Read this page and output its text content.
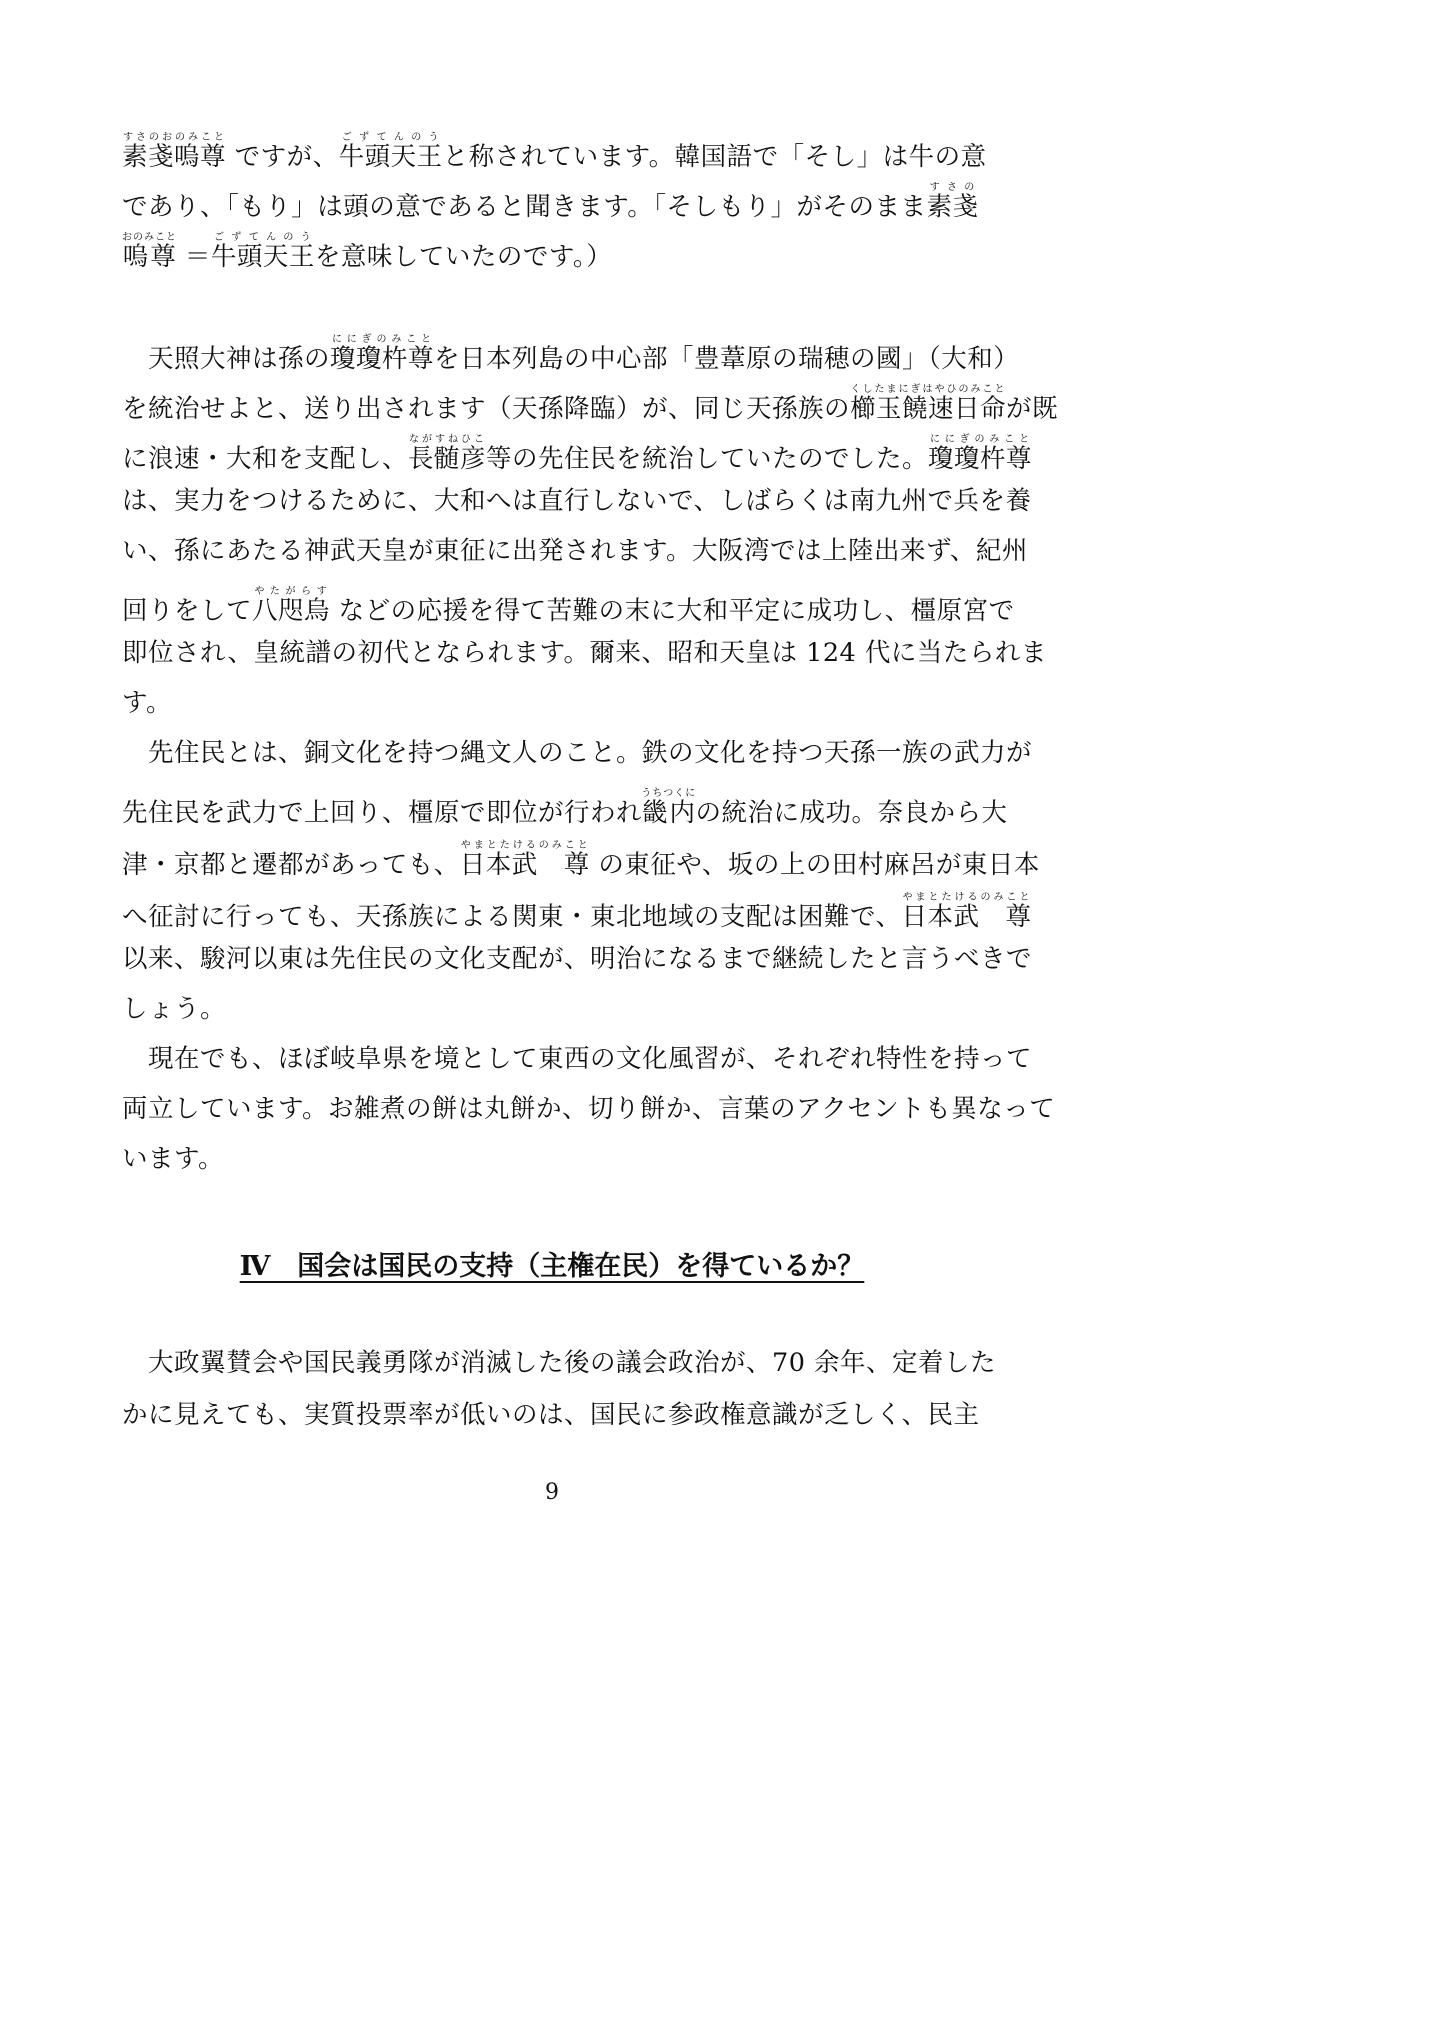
素戔嗚尊すさのおのみこと ですが、牛頭天王ごずてんのうと称されています。韓国語で「そし」は牛の意
であり、「もり」は頭の意であると聞きます。「そしもり」がそのまま素戔すさの
嗚尊おのみこと ＝牛頭天王ごずてんのうを意味していたのです。）
　天照大神は孫の瓊瓊杵尊ににぎのみことを日本列島の中心部「豊葦原の瑞穂の國」（大和）
を統治せよと、送り出されます（天孫降臨）が、同じ天孫族の櫛玉饒速日命くしたまにぎはやひのみことが既
に浪速・大和を支配し、長髄彦ながすねひこ等の先住民を統治していたのでした。瓊瓊杵尊ににぎのみこと
は、実力をつけるために、大和へは直行しないで、しばらくは南九州で兵を養
い、孫にあたる神武天皇が東征に出発されます。大阪湾では上陸出来ず、紀州
回りをして八咫烏やたがらす などの応援を得て苦難の末に大和平定に成功し、橿原宮で
即位され、皇統譜の初代となられます。爾来、昭和天皇は 124 代に当たられま
す。
　先住民とは、銅文化を持つ縄文人のこと。鉄の文化を持つ天孫一族の武力が
先住民を武力で上回り、橿原で即位が行われ畿内うちつくにの統治に成功。奈良から大
津・京都と遷都があっても、日本武　尊やまとたけるのみこと の東征や、坂の上の田村麻呂が東日本
へ征討に行っても、天孫族による関東・東北地域の支配は困難で、日本武　尊やまとたけるのみこと
以来、駿河以東は先住民の文化支配が、明治になるまで継続したと言うべきで
しょう。
　現在でも、ほぼ岐阜県を境として東西の文化風習が、それぞれ特性を持って
両立しています。お雑煮の餅は丸餅か、切り餅か、言葉のアクセントも異なって
います。
Ⅳ　国会は国民の支持（主権在民）を得ているか？
　大政翼賛会や国民義勇隊が消滅した後の議会政治が、70 余年、定着した
かに見えても、実質投票率が低いのは、国民に参政権意識が乏しく、民主
9
